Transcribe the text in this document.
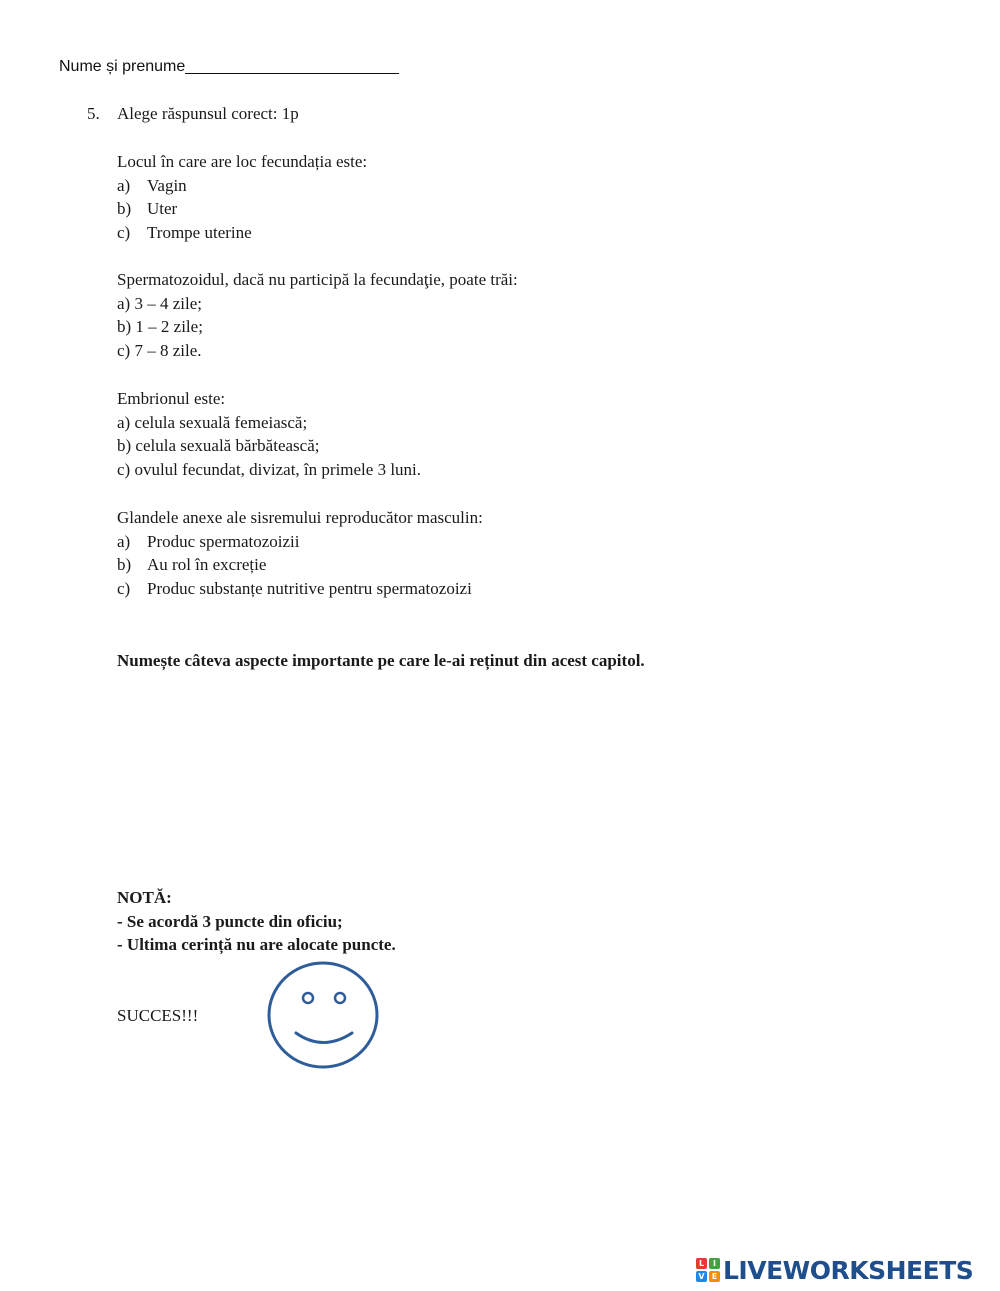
Nume și prenume________________________
5. Alege răspunsul corect: 1p

Locul în care are loc fecundația este:

a) Vagin

b) Uter

c) Trompe uterine

Spermatozoidul, dacă nu participă la fecundaţie, poate trăi:

a) 3 – 4 zile;

b) 1 – 2 zile;

c) 7 – 8 zile.

Embrionul este:

a) celula sexuală femeiască;

b) celula sexuală bărbătească;

c) ovulul fecundat, divizat, în primele 3 luni.

Glandele anexe ale sisremului reproducător masculin:

a) Produc spermatozoizii

b) Au rol în excreție

c) Produc substanțe nutritive pentru spermatozoizi

Numește câteva aspecte importante pe care le-ai reținut din acest capitol.

NOTĂ:

- Se acordă 3 puncte din oficiu;

- Ultima cerință nu are alocate puncte.

SUCCES!!!

L	I
V E LIVEWORKSHEETS
